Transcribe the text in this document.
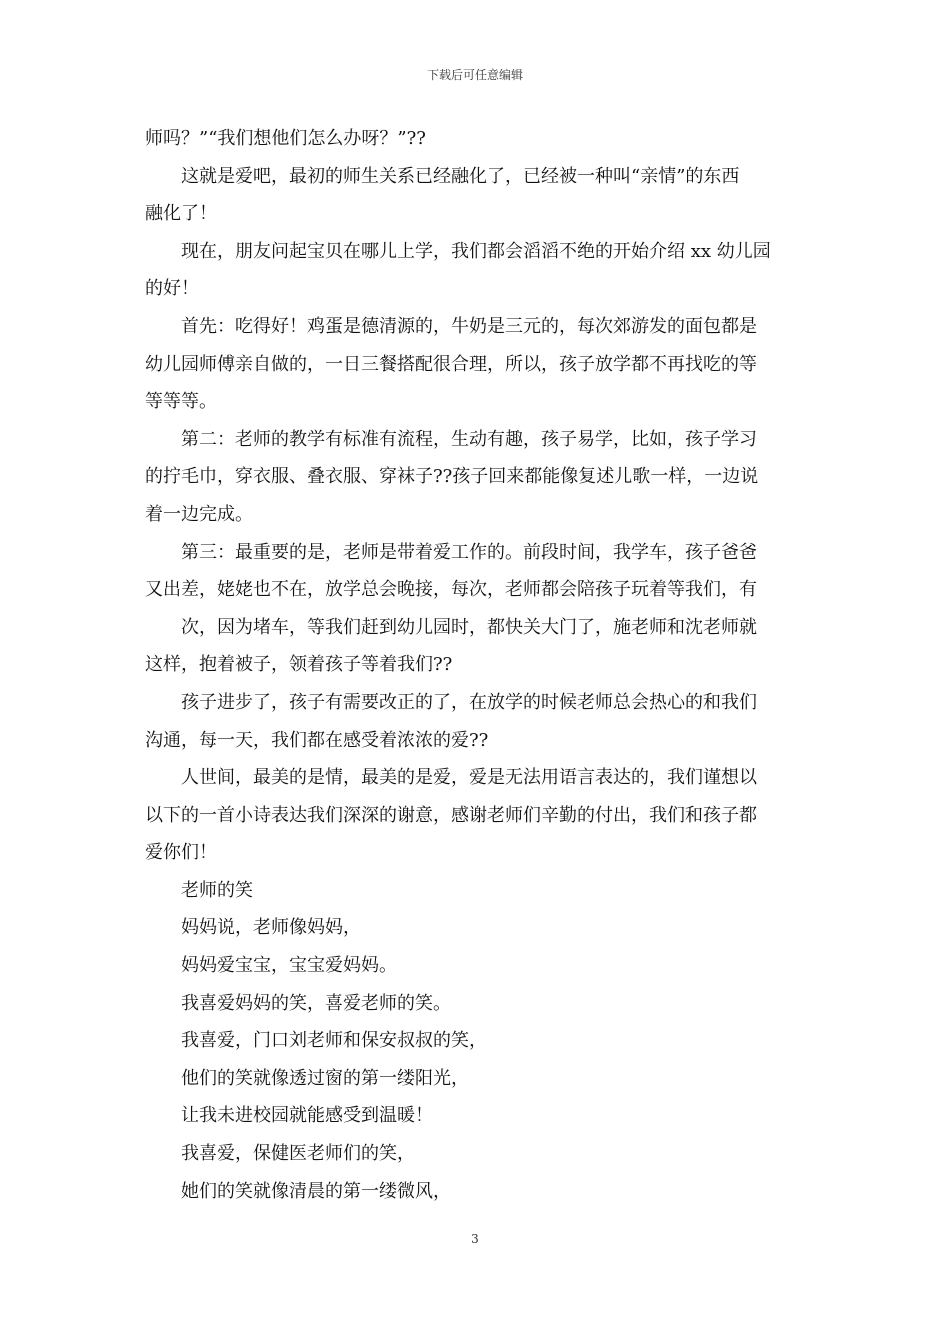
下载后可任意编辑
师吗？”“我们想他们怎么办呀？”??
这就是爱吧，最初的师生关系已经融化了，已经被一种叫“亲情”的东西
融化了！
现在，朋友问起宝贝在哪儿上学，我们都会滔滔不绝的开始介绍 xx 幼儿园
的好！
首先：吃得好！鸡蛋是德清源的，牛奶是三元的，每次郊游发的面包都是
幼儿园师傅亲自做的，一日三餐搭配很合理，所以，孩子放学都不再找吃的等
等等等。
第二：老师的教学有标准有流程，生动有趣，孩子易学，比如，孩子学习
的拧毛巾，穿衣服、叠衣服、穿袜子??孩子回来都能像复述儿歌一样，一边说
着一边完成。
第三：最重要的是，老师是带着爱工作的。前段时间，我学车，孩子爸爸
又出差，姥姥也不在，放学总会晚接，每次，老师都会陪孩子玩着等我们，有
次，因为堵车，等我们赶到幼儿园时，都快关大门了，施老师和沈老师就
这样，抱着被子，领着孩子等着我们??
孩子进步了，孩子有需要改正的了，在放学的时候老师总会热心的和我们
沟通，每一天，我们都在感受着浓浓的爱??
人世间，最美的是情，最美的是爱，爱是无法用语言表达的，我们谨想以
以下的一首小诗表达我们深深的谢意，感谢老师们辛勤的付出，我们和孩子都
爱你们！
老师的笑
妈妈说，老师像妈妈，
妈妈爱宝宝，宝宝爱妈妈。
我喜爱妈妈的笑，喜爱老师的笑。
我喜爱，门口刘老师和保安叔叔的笑，
他们的笑就像透过窗的第一缕阳光，
让我未进校园就能感受到温暖！
我喜爱，保健医老师们的笑，
她们的笑就像清晨的第一缕微风，
3
